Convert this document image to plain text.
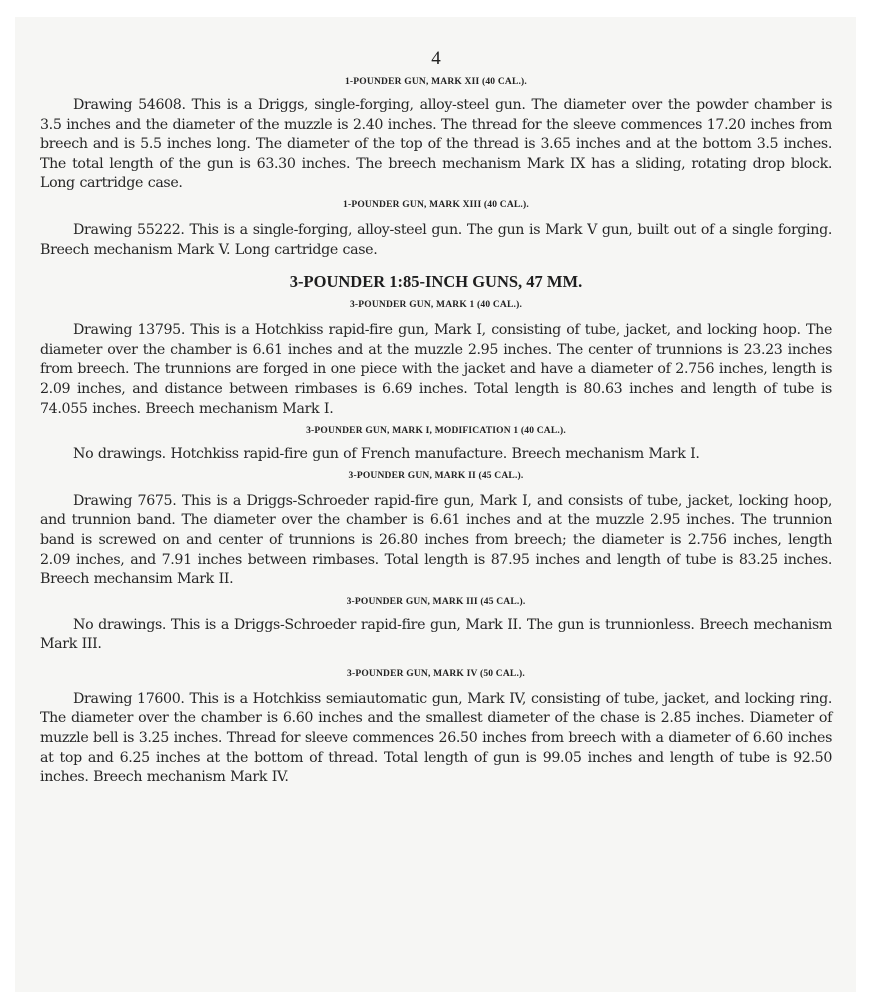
4
1-POUNDER GUN, MARK XII (40 CAL.).

Drawing 54608. This is a Driggs, single-forging, alloy-steel gun. The diameter over the powder chamber is 3.5 inches and the diameter of the muzzle is 2.40 inches. The thread for the sleeve commences 17.20 inches from breech and is 5.5 inches long. The diameter of the top of the thread is 3.65 inches and at the bottom 3.5 inches. The total length of the gun is 63.30 inches. The breech mechanism Mark IX has a sliding, rotating drop block. Long cartridge case.

1-POUNDER GUN, MARK XIII (40 CAL.).

Drawing 55222. This is a single-forging, alloy-steel gun. The gun is Mark V gun, built out of a single forging. Breech mechanism Mark V. Long cartridge case.

3-POUNDER 1:85-INCH GUNS, 47 MM.
3-POUNDER GUN, MARK 1 (40 CAL.).

Drawing 13795. This is a Hotchkiss rapid-fire gun, Mark I, consisting of tube, jacket, and locking hoop. The diameter over the chamber is 6.61 inches and at the muzzle 2.95 inches. The center of trunnions is 23.23 inches from breech. The trunnions are forged in one piece with the jacket and have a diameter of 2.756 inches, length is 2.09 inches, and distance between rimbases is 6.69 inches. Total length is 80.63 inches and length of tube is 74.055 inches. Breech mechanism Mark I.

3-POUNDER GUN, MARK I, MODIFICATION 1 (40 CAL.).

No drawings. Hotchkiss rapid-fire gun of French manufacture. Breech mechanism Mark I.

3-POUNDER GUN, MARK II (45 CAL.).

Drawing 7675. This is a Driggs-Schroeder rapid-fire gun, Mark I, and consists of tube, jacket, locking hoop, and trunnion band. The diameter over the chamber is 6.61 inches and at the muzzle 2.95 inches. The trunnion band is screwed on and center of trunnions is 26.80 inches from breech; the diameter is 2.756 inches, length 2.09 inches, and 7.91 inches between rimbases. Total length is 87.95 inches and length of tube is 83.25 inches. Breech mechansim Mark II.

3-POUNDER GUN, MARK III (45 CAL.).

No drawings. This is a Driggs-Schroeder rapid-fire gun, Mark II. The gun is trunnionless. Breech mechanism Mark III.

3-POUNDER GUN, MARK IV (50 CAL.).

Drawing 17600. This is a Hotchkiss semiautomatic gun, Mark IV, consisting of tube, jacket, and locking ring. The diameter over the chamber is 6.60 inches and the smallest diameter of the chase is 2.85 inches. Diameter of muzzle bell is 3.25 inches. Thread for sleeve commences 26.50 inches from breech with a diameter of 6.60 inches at top and 6.25 inches at the bottom of thread. Total length of gun is 99.05 inches and length of tube is 92.50 inches. Breech mechanism Mark IV.
